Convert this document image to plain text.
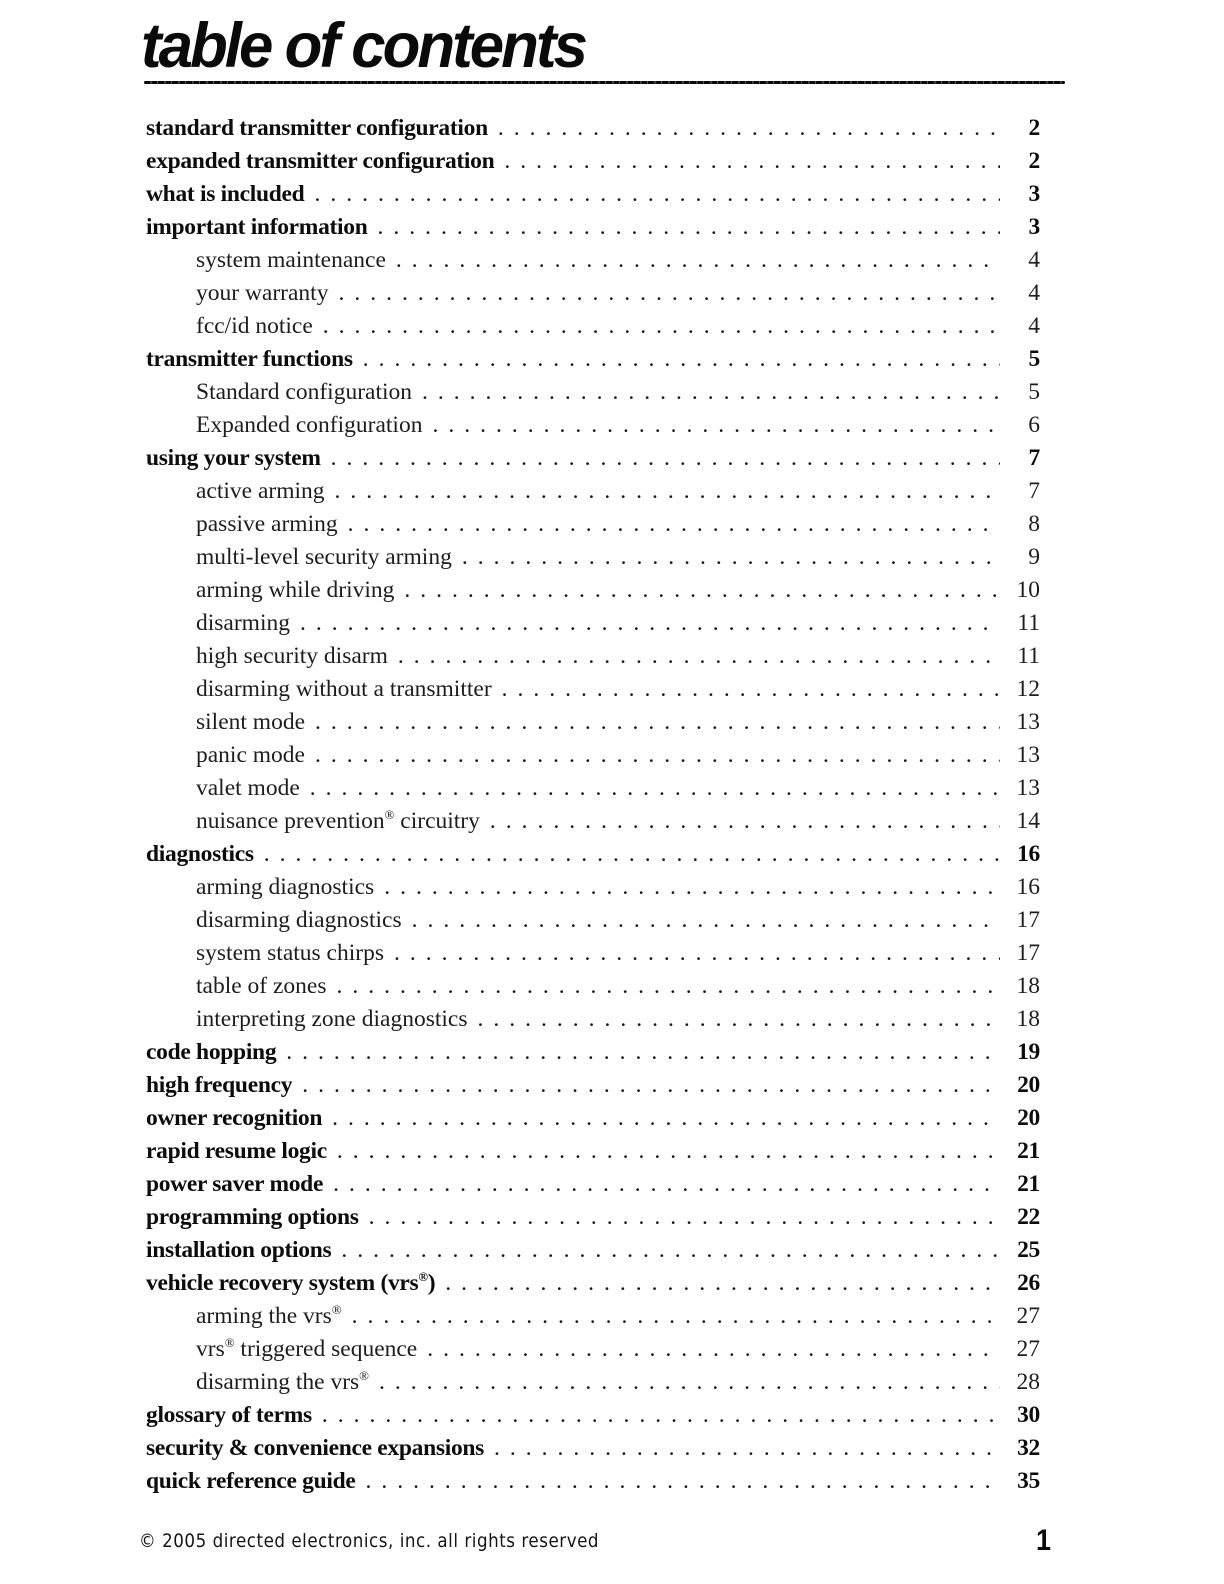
table of contents
standard transmitter configuration .....	2
expanded transmitter configuration .....	2
what is included .....	3
important information .....	3
system maintenance .....	4
your warranty .....	4
fcc/id notice .....	4
transmitter functions .....	5
Standard configuration .....	5
Expanded configuration .....	6
using your system .....	7
active arming .....	7
passive arming .....	8
multi-level security arming .....	9
arming while driving .....	10
disarming .....	11
high security disarm .....	11
disarming without a transmitter .....	12
silent mode .....	13
panic mode .....	13
valet mode .....	13
nuisance prevention® circuitry .....	14
diagnostics .....	16
arming diagnostics .....	16
disarming diagnostics .....	17
system status chirps .....	17
table of zones .....	18
interpreting zone diagnostics .....	18
code hopping .....	19
high frequency .....	20
owner recognition .....	20
rapid resume logic .....	21
power saver mode .....	21
programming options .....	22
installation options .....	25
vehicle recovery system (vrs®) .....	26
arming the vrs® .....	27
vrs® triggered sequence .....	27
disarming the vrs® .....	28
glossary of terms .....	30
security & convenience expansions .....	32
quick reference guide .....	35
© 2005 directed electronics, inc. all rights reserved	1
